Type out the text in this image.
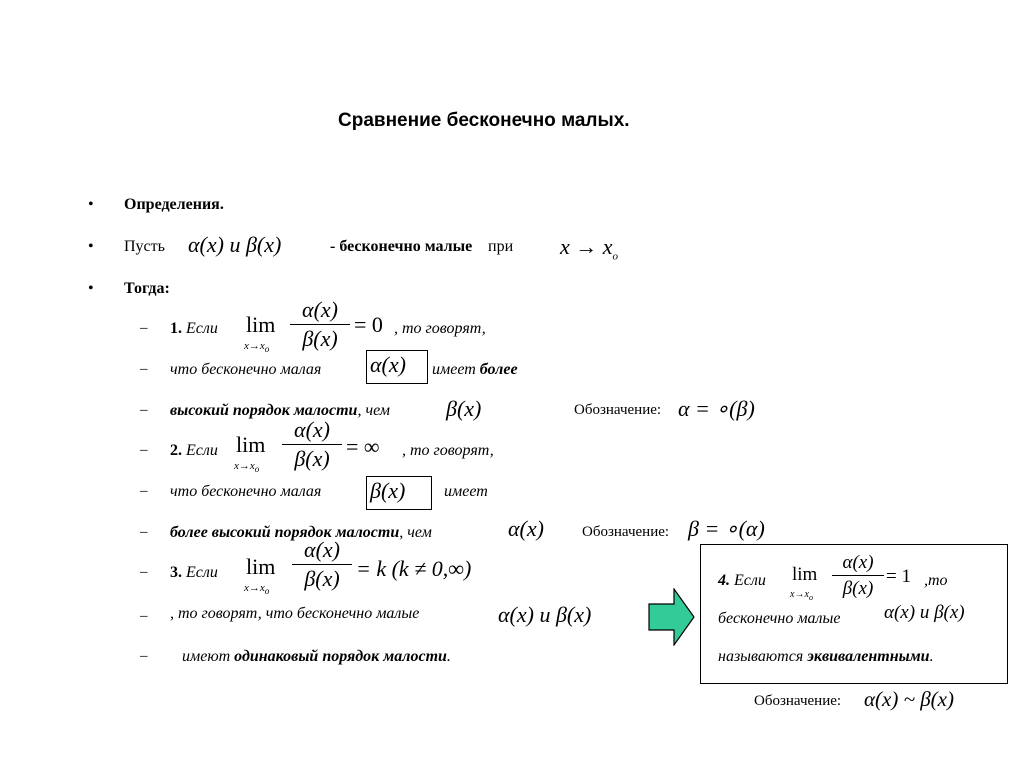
Сравнение бесконечно малых.
• Определения.
• Пусть α(x) и β(x)	- бесконечно малые при $x \to x_o$
• Тогда:
– 1. Если lim
$x\to x_o$
α(x)
β(x)
= 0 , то говорят,
– что бесконечно малая α(x) имеет более
– высокий порядок малости, чем	β(x)	Обозначение: α = ∘(β)
– 2. Если lim
$x\to x_o$
α(x)
β(x) = ∞ , то говорят,
– что бесконечно малая β(x) имеет
– более высокий порядок малости, чем	α(x)	Обозначение: β = ∘(α)
– 3. Если lim
$x\to x_o$
α(x)
β(x) = k (k ≠ 0,∞)
– , то говорят, что бесконечно малые	α(x) и β(x)
– имеют одинаковый порядок малости.
4. Если lim
$x\to x_o$
α(x)
β(x)
= 1 ,то
бесконечно малые α(x) и β(x)
называются эквивалентными.
Обозначение: α(x) ~ β(x)
